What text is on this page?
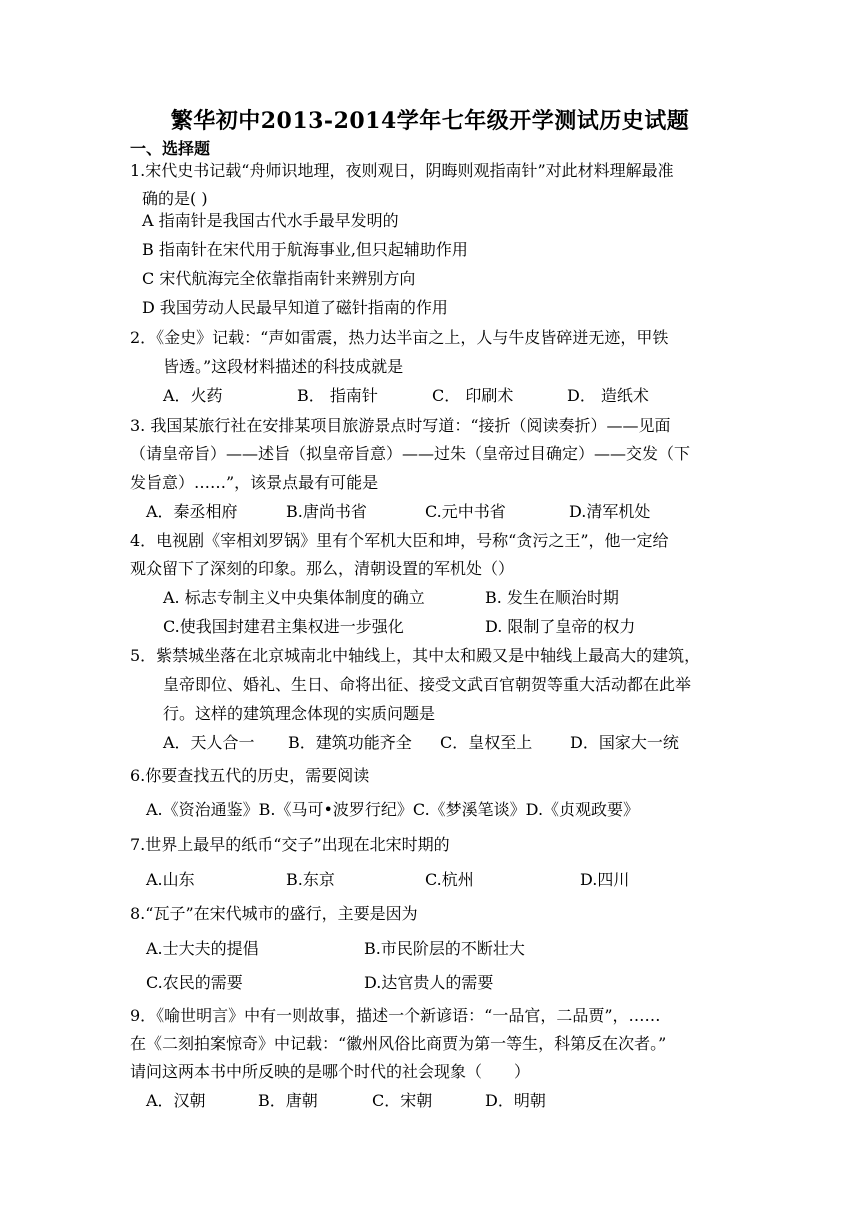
繁华初中2013-2014学年七年级开学测试历史试题
一、选择题
1.宋代史书记载“舟师识地理，夜则观日，阴晦则观指南针”对此材料理解最准
确的是( )
A 指南针是我国古代水手最早发明的
B 指南针在宋代用于航海事业,但只起辅助作用
C 宋代航海完全依靠指南针来辨别方向
D 我国劳动人民最早知道了磁针指南的作用
2．《金史》记载：“声如雷震，热力达半亩之上，人与牛皮皆碎迸无迹，甲铁
皆透。”这段材料描述的科技成就是
A．火药	B． 指南针	C． 印刷术	D． 造纸术
3. 我国某旅行社在安排某项目旅游景点时写道：“接折（阅读奏折）——见面
（请皇帝旨）——述旨（拟皇帝旨意）——过朱（皇帝过目确定）——交发（下
发旨意）……”，该景点最有可能是
A．秦丞相府	B.唐尚书省	C.元中书省	D.清军机处
4．电视剧《宰相刘罗锅》里有个军机大臣和坤，号称“贪污之王”，他一定给
观众留下了深刻的印象。那么，清朝设置的军机处（）
A. 标志专制主义中央集体制度的确立	B. 发生在顺治时期
C.使我国封建君主集权进一步强化	D. 限制了皇帝的权力
5．紫禁城坐落在北京城南北中轴线上，其中太和殿又是中轴线上最高大的建筑，
皇帝即位、婚礼、生日、命将出征、接受文武百官朝贺等重大活动都在此举
行。这样的建筑理念体现的实质问题是
A．天人合一 B．建筑功能齐全 C．皇权至上 D．国家大一统
6.你要查找五代的历史，需要阅读
A.《资治通鉴》B.《马可•波罗行纪》C.《梦溪笔谈》D.《贞观政要》
7.世界上最早的纸币“交子”出现在北宋时期的
A.山东	B.东京	C.杭州	D.四川
8.“瓦子”在宋代城市的盛行，主要是因为
A.士大夫的提倡	B.市民阶层的不断壮大
C.农民的需要	D.达官贵人的需要
9．《喻世明言》中有一则故事，描述一个新谚语：“一品官，二品贾”，……
在《二刻拍案惊奇》中记载：“徽州风俗比商贾为第一等生，科第反在次者。”
请问这两本书中所反映的是哪个时代的社会现象（　　）
A．汉朝	B．唐朝	C．宋朝	D．明朝
